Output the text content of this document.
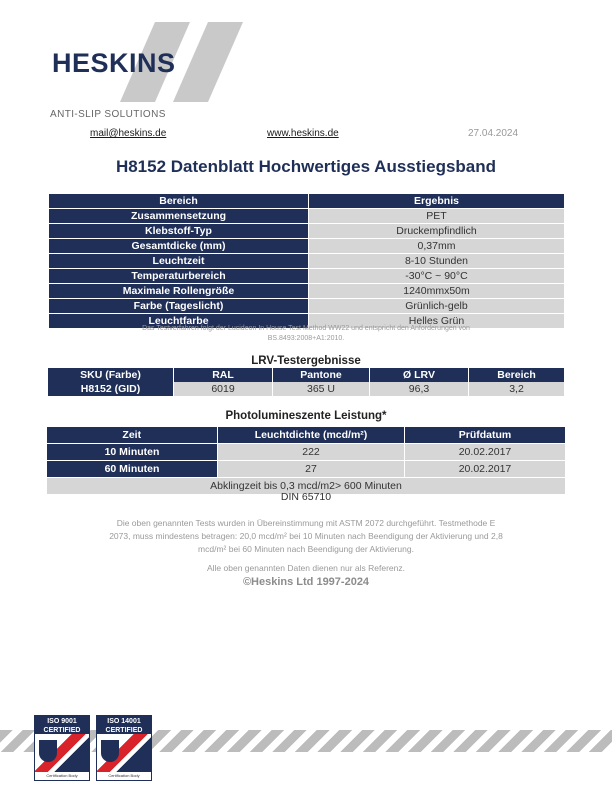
HESKINS
ANTI-SLIP SOLUTIONS
mail@heskins.de	www.heskins.de	27.04.2024
H8152 Datenblatt Hochwertiges Ausstiegsband
Bereich	Ergebnis
Zusammensetzung	PET
Klebstoff-Typ	Druckempfindlich
Gesamtdicke (mm)	0,37mm
Leuchtzeit	8-10 Stunden
Temperaturbereich	-30°C ~ 90°C
Maximale Rollengröße	1240mmx50m
Farbe (Tageslicht)	Grünlich-gelb
Leuchtfarbe	Helles Grün
Das Testverfahren folgt der Lucideon In House Test Method WW22 und entspricht den Anforderungen von
BS.8493:2008+A1:2010.
LRV-Testergebnisse
SKU (Farbe)	RAL	Pantone	Ø LRV	Bereich
H8152 (GID)	6019	365 U	96,3	3,2
Photolumineszente Leistung*
Zeit	Leuchtdichte (mcd/m²)	Prüfdatum
10 Minuten	222	20.02.2017
60 Minuten	27	20.02.2017
Abklingzeit bis 0,3 mcd/m2> 600 Minuten		
DIN 65710
Die oben genannten Tests wurden in Übereinstimmung mit ASTM 2072 durchgeführt. Testmethode E
2073, muss mindestens betragen: 20,0 mcd/m² bei 10 Minuten nach Beendigung der Aktivierung und 2,8
mcd/m² bei 60 Minuten nach Beendigung der Aktivierung.
Alle oben genannten Daten dienen nur als Referenz.
©Heskins Ltd 1997-2024
ISO 9001
CERTIFIED
Certification Body
ISO 14001
CERTIFIED
Certification Body
